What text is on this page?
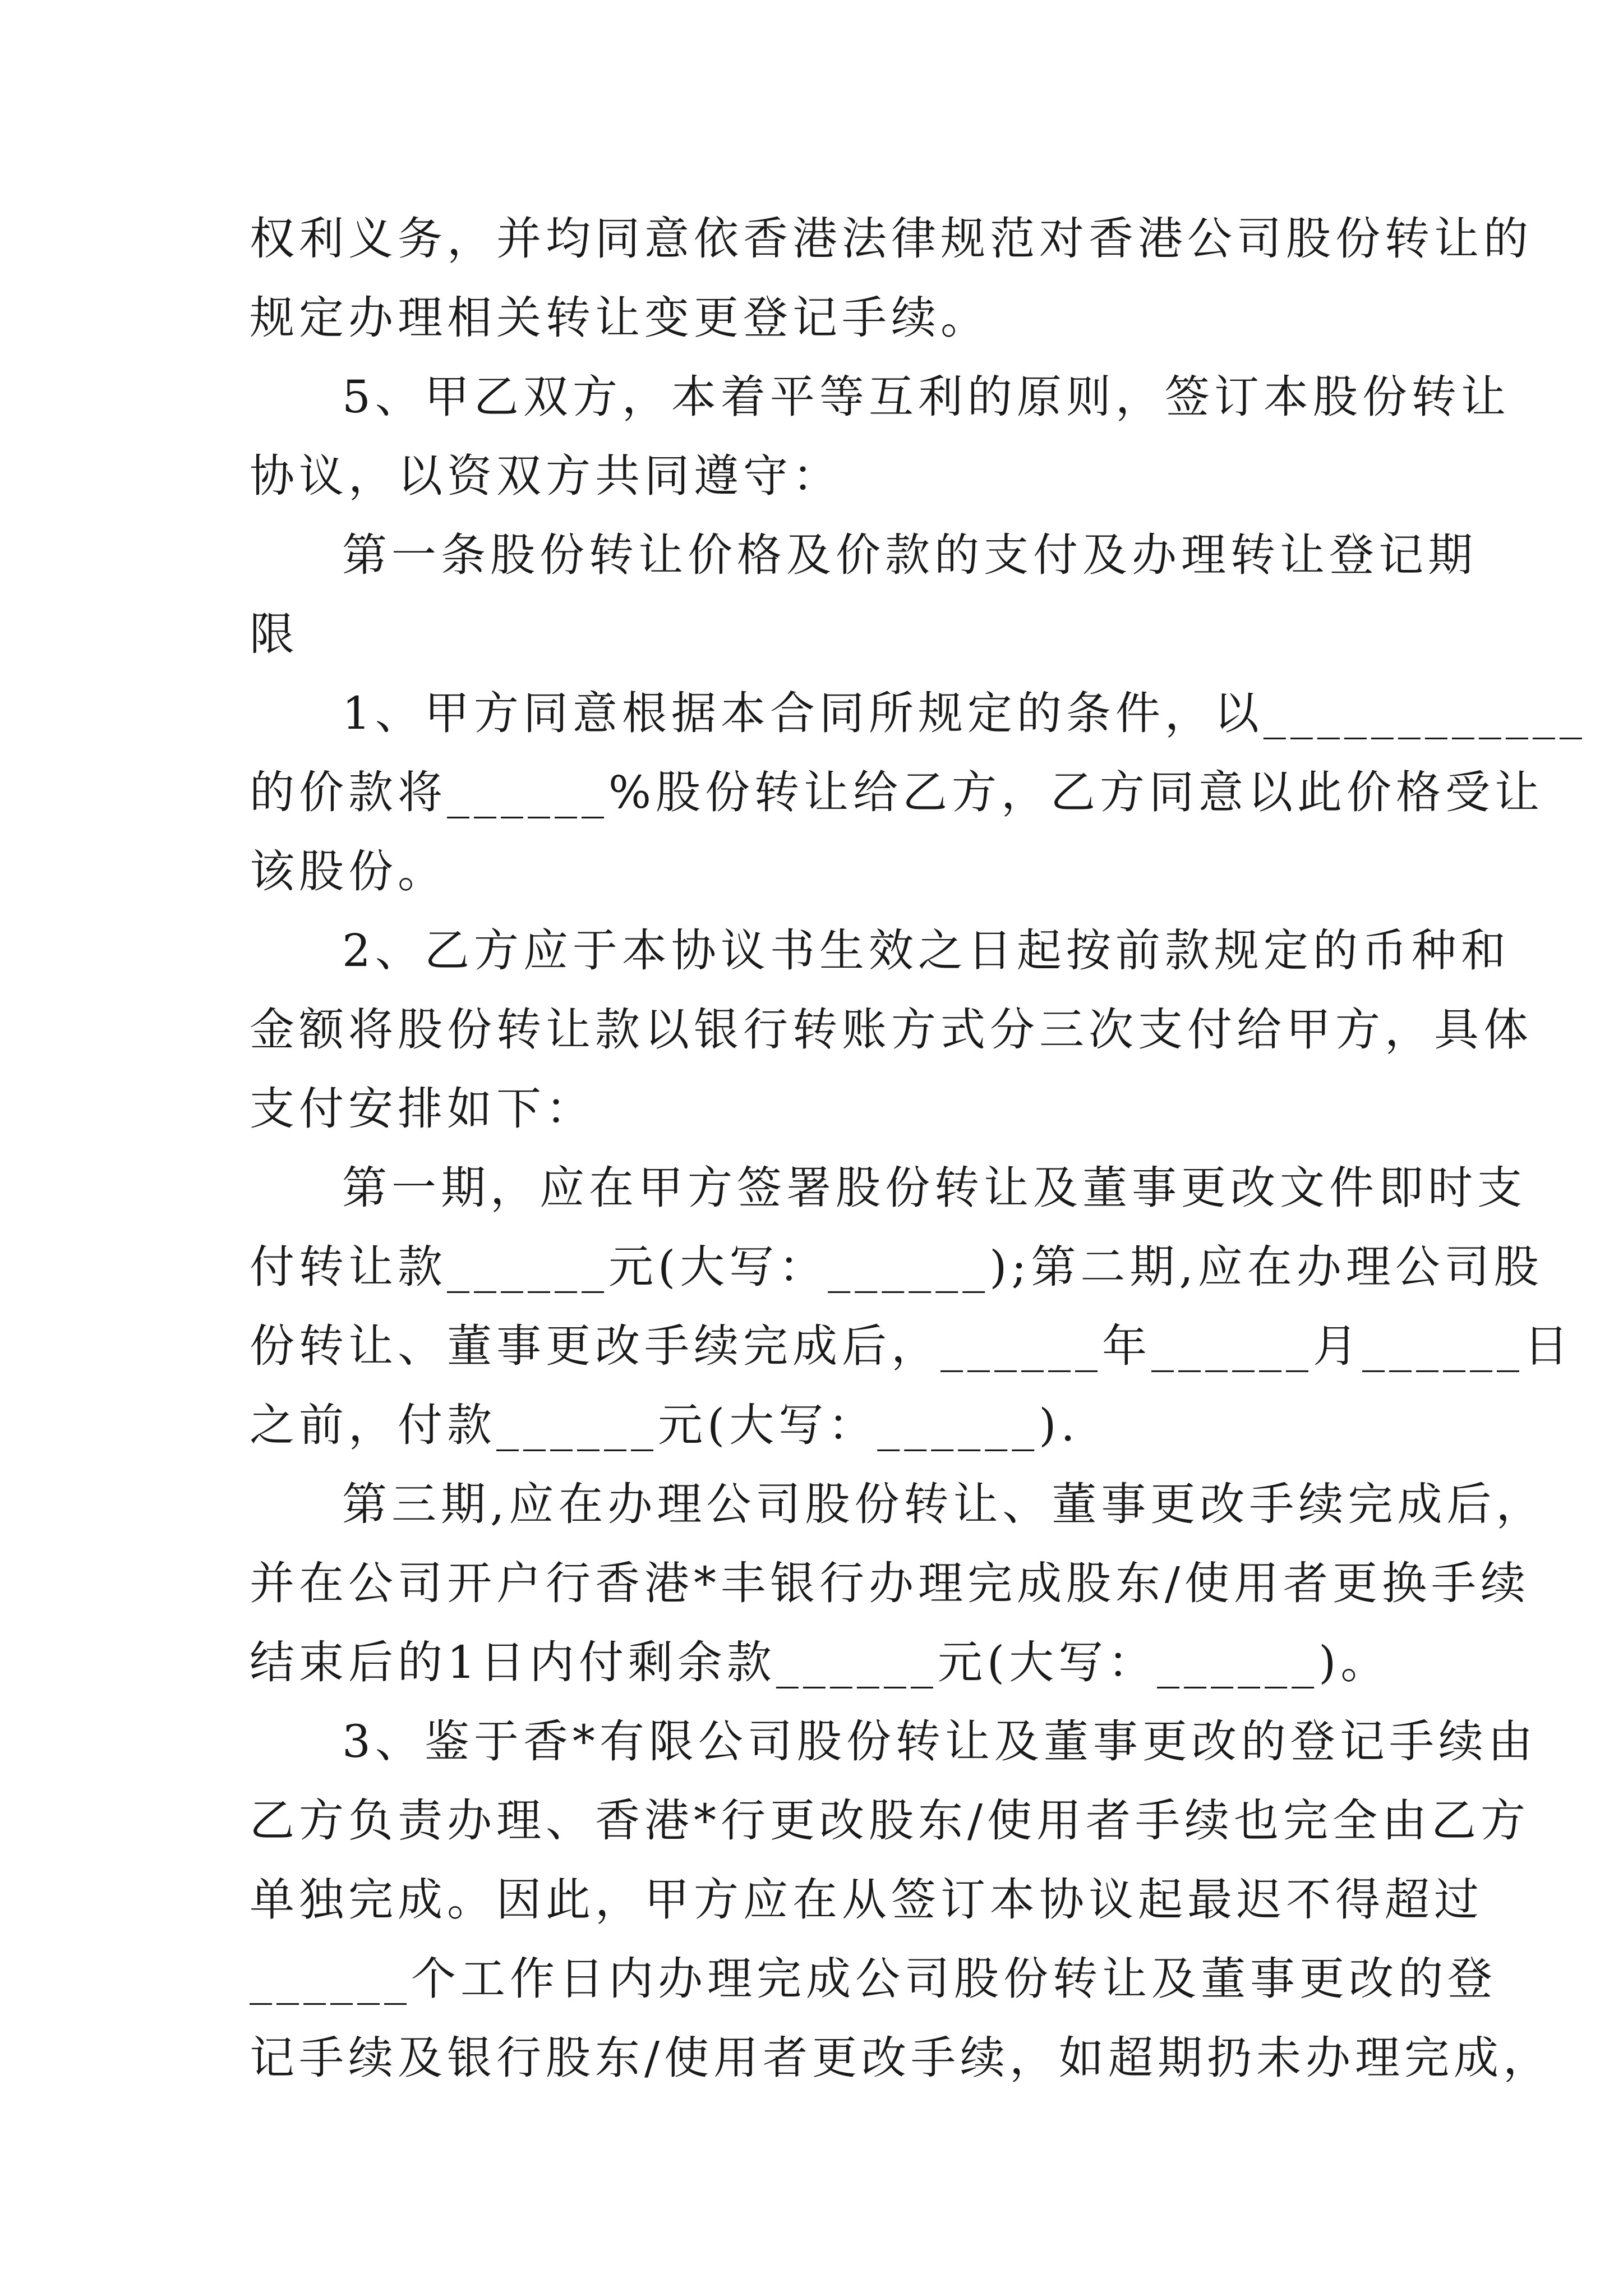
权利义务，并均同意依香港法律规范对香港公司股份转让的
规定办理相关转让变更登记手续。
5、甲乙双方，本着平等互利的原则，签订本股份转让
协议，以资双方共同遵守：
第一条股份转让价格及价款的支付及办理转让登记期
限
1、甲方同意根据本合同所规定的条件，以____________
的价款将______%股份转让给乙方，乙方同意以此价格受让
该股份。
2、乙方应于本协议书生效之日起按前款规定的币种和
金额将股份转让款以银行转账方式分三次支付给甲方，具体
支付安排如下：
第一期，应在甲方签署股份转让及董事更改文件即时支
付转让款______元(大写：______);第二期,应在办理公司股
份转让、董事更改手续完成后，______年______月______日
之前，付款______元(大写：______).
第三期,应在办理公司股份转让、董事更改手续完成后，
并在公司开户行香港*丰银行办理完成股东/使用者更换手续
结束后的1日内付剩余款______元(大写：______)。
3、鉴于香*有限公司股份转让及董事更改的登记手续由
乙方负责办理、香港*行更改股东/使用者手续也完全由乙方
单独完成。因此，甲方应在从签订本协议起最迟不得超过
______个工作日内办理完成公司股份转让及董事更改的登
记手续及银行股东/使用者更改手续，如超期扔未办理完成，
